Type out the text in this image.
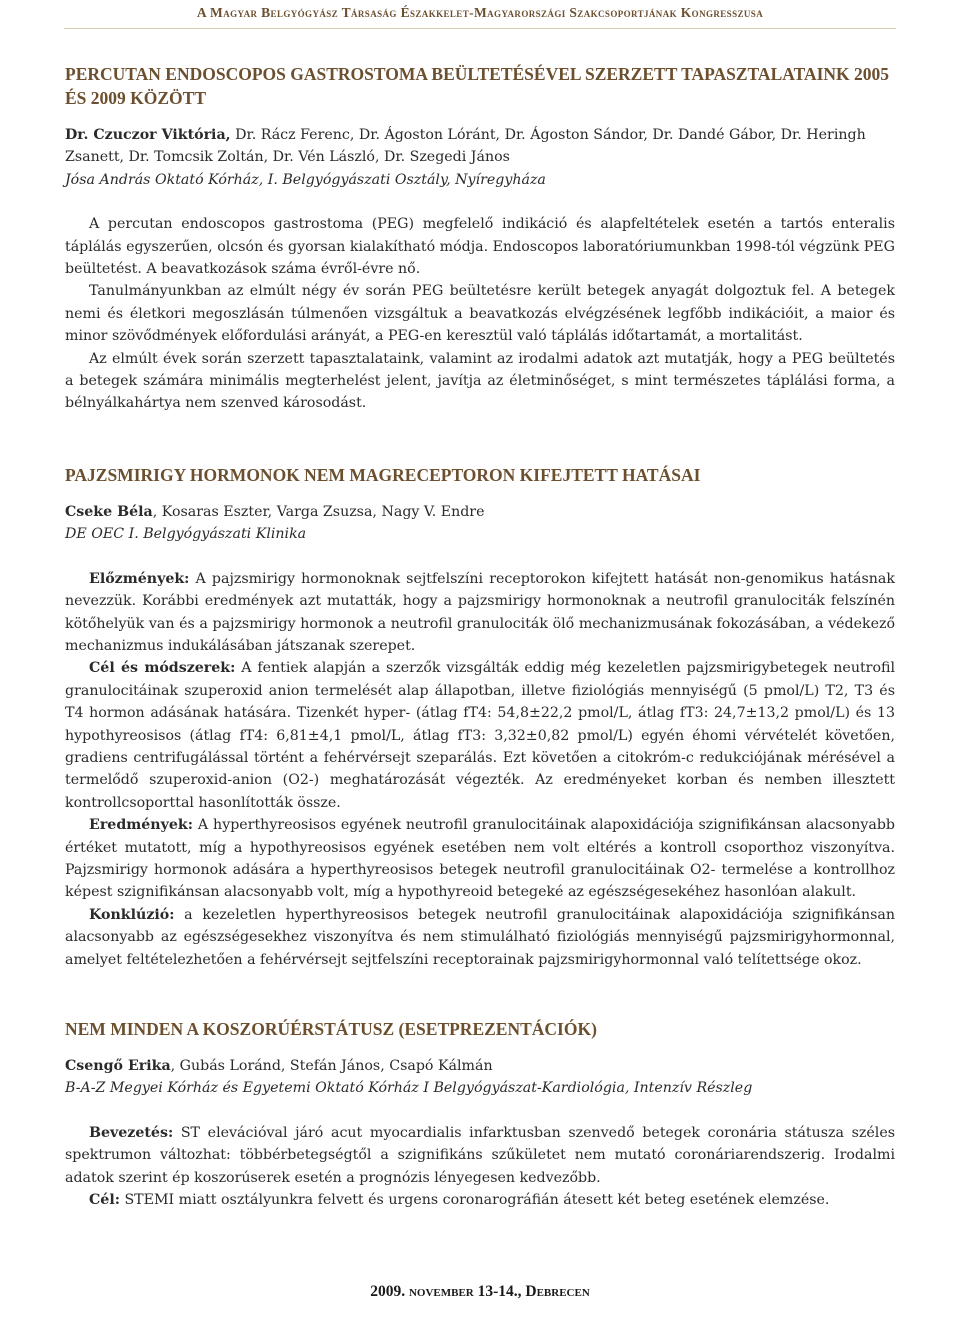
A Magyar Belgyógyász Társaság Északkelet-Magyarországi Szakcsoportjának Kongresszusa
PERCUTAN ENDOSCOPOS GASTROSTOMA BEÜLTETÉSÉVEL SZERZETT TAPASZTALATAINK 2005 ÉS 2009 KÖZÖTT
Dr. Czuczor Viktória, Dr. Rácz Ferenc, Dr. Ágoston Lóránt, Dr. Ágoston Sándor, Dr. Dandé Gábor, Dr. Heringh Zsanett, Dr. Tomcsik Zoltán, Dr. Vén László, Dr. Szegedi János
Jósa András Oktató Kórház, I. Belgyógyászati Osztály, Nyíregyháza

A percutan endoscopos gastrostoma (PEG) megfelelő indikáció és alapfeltételek esetén a tartós enteralis táplálás egyszerűen, olcsón és gyorsan kialakítható módja. Endoscopos laboratóriumunkban 1998-tól végzünk PEG beültetést. A beavatkozások száma évről-évre nő.

Tanulmányunkban az elmúlt négy év során PEG beültetésre került betegek anyagát dolgoztuk fel. A betegek nemi és életkori megoszlásán túlmenően vizsgáltuk a beavatkozás elvégzésének legfőbb indikációit, a maior és minor szövődmények előfordulási arányát, a PEG-en keresztül való táplálás időtartamát, a mortalitást.

Az elmúlt évek során szerzett tapasztalataink, valamint az irodalmi adatok azt mutatják, hogy a PEG beültetés a betegek számára minimális megterhelést jelent, javítja az életminőséget, s mint természetes táplálási forma, a bélnyálkahártya nem szenved károsodást.

PAJZSMIRIGY HORMONOK NEM MAGRECEPTORON KIFEJTETT HATÁSAI
Cseke Béla, Kosaras Eszter, Varga Zsuzsa, Nagy V. Endre
DE OEC I. Belgyógyászati Klinika

Előzmények: A pajzsmirigy hormonoknak sejtfelszíni receptorokon kifejtett hatását non-genomikus hatásnak nevezzük. Korábbi eredmények azt mutatták, hogy a pajzsmirigy hormonoknak a neutrofil granulociták felszínén kötőhelyük van és a pajzsmirigy hormonok a neutrofil granulociták ölő mechanizmusának fokozásában, a védekező mechanizmus indukálásában játszanak szerepet.

Cél és módszerek: A fentiek alapján a szerzők vizsgálták eddig még kezeletlen pajzsmirigybetegek neutrofil granulocitáinak szuperoxid anion termelését alap állapotban, illetve fiziológiás mennyiségű (5 pmol/L) T2, T3 és T4 hormon adásának hatására. Tizenkét hyper- (átlag fT4: 54,8±22,2 pmol/L, átlag fT3: 24,7±13,2 pmol/L) és 13 hypothyreosisos (átlag fT4: 6,81±4,1 pmol/L, átlag fT3: 3,32±0,82 pmol/L) egyén éhomi vérvételét követően, gradiens centrifugálással történt a fehérvérsejt szeparálás. Ezt követően a citokróm-c redukciójának mérésével a termelődő szuperoxid-anion (O2-) meghatározását végezték. Az eredményeket korban és nemben illesztett kontrollcsoporttal hasonlították össze.

Eredmények: A hyperthyreosisos egyének neutrofil granulocitáinak alapoxidációja szignifikánsan alacsonyabb értéket mutatott, míg a hypothyreosisos egyének esetében nem volt eltérés a kontroll csoporthoz viszonyítva. Pajzsmirigy hormonok adására a hyperthyreosisos betegek neutrofil granulocitáinak O2- termelése a kontrollhoz képest szignifikánsan alacsonyabb volt, míg a hypothyreoid betegeké az egészségesekéhez hasonlóan alakult.

Konklúzió: a kezeletlen hyperthyreosisos betegek neutrofil granulocitáinak alapoxidációja szignifikánsan alacsonyabb az egészségesekhez viszonyítva és nem stimulálható fiziológiás mennyiségű pajzsmirigyhormonnal, amelyet feltételezhetően a fehérvérsejt sejtfelszíni receptorainak pajzsmirigyhormonnal való telítettsége okoz.

NEM MINDEN A KOSZORÚÉRSTÁTUSZ (ESETPREZENTÁCIÓK)
Csengő Erika, Gubás Loránd, Stefán János, Csapó Kálmán
B-A-Z Megyei Kórház és Egyetemi Oktató Kórház I Belgyógyászat-Kardiológia, Intenzív Részleg

Bevezetés: ST elevációval járó acut myocardialis infarktusban szenvedő betegek coronária státusza széles spektrumon változhat: többérbetegségtől a szignifikáns szűkületet nem mutató coronáriarendszerig. Irodalmi adatok szerint ép koszorúserek esetén a prognózis lényegesen kedvezőbb.

Cél: STEMI miatt osztályunkra felvett és urgens coronarográfián átesett két beteg esetének elemzése.

2009. november 13-14., Debrecen
